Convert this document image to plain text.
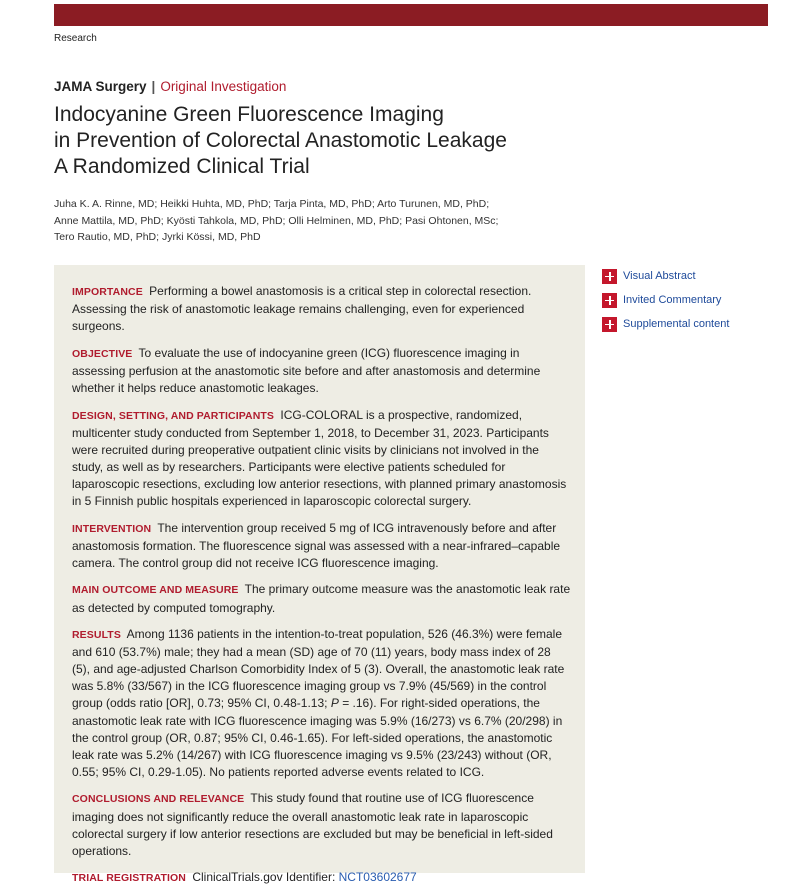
Research
JAMA Surgery | Original Investigation
Indocyanine Green Fluorescence Imaging
in Prevention of Colorectal Anastomotic Leakage
A Randomized Clinical Trial
Juha K. A. Rinne, MD; Heikki Huhta, MD, PhD; Tarja Pinta, MD, PhD; Arto Turunen, MD, PhD;
Anne Mattila, MD, PhD; Kyösti Tahkola, MD, PhD; Olli Helminen, MD, PhD; Pasi Ohtonen, MSc;
Tero Rautio, MD, PhD; Jyrki Kössi, MD, PhD

IMPORTANCE Performing a bowel anastomosis is a critical step in colorectal resection. Assessing the risk of anastomotic leakage remains challenging, even for experienced surgeons.

OBJECTIVE To evaluate the use of indocyanine green (ICG) fluorescence imaging in assessing perfusion at the anastomotic site before and after anastomosis and determine whether it helps reduce anastomotic leakages.

DESIGN, SETTING, AND PARTICIPANTS ICG-COLORAL is a prospective, randomized, multicenter study conducted from September 1, 2018, to December 31, 2023. Participants were recruited during preoperative outpatient clinic visits by clinicians not involved in the study, as well as by researchers. Participants were elective patients scheduled for laparoscopic resections, excluding low anterior resections, with planned primary anastomosis in 5 Finnish public hospitals experienced in laparoscopic colorectal surgery.

INTERVENTION The intervention group received 5 mg of ICG intravenously before and after anastomosis formation. The fluorescence signal was assessed with a near-infrared–capable camera. The control group did not receive ICG fluorescence imaging.

MAIN OUTCOME AND MEASURE The primary outcome measure was the anastomotic leak rate as detected by computed tomography.

RESULTS Among 1136 patients in the intention-to-treat population, 526 (46.3%) were female and 610 (53.7%) male; they had a mean (SD) age of 70 (11) years, body mass index of 28 (5), and age-adjusted Charlson Comorbidity Index of 5 (3). Overall, the anastomotic leak rate was 5.8% (33/567) in the ICG fluorescence imaging group vs 7.9% (45/569) in the control group (odds ratio [OR], 0.73; 95% CI, 0.48-1.13; P = .16). For right-sided operations, the anastomotic leak rate with ICG fluorescence imaging was 5.9% (16/273) vs 6.7% (20/298) in the control group (OR, 0.87; 95% CI, 0.46-1.65). For left-sided operations, the anastomotic leak rate was 5.2% (14/267) with ICG fluorescence imaging vs 9.5% (23/243) without (OR, 0.55; 95% CI, 0.29-1.05). No patients reported adverse events related to ICG.

CONCLUSIONS AND RELEVANCE This study found that routine use of ICG fluorescence imaging does not significantly reduce the overall anastomotic leak rate in laparoscopic colorectal surgery if low anterior resections are excluded but may be beneficial in left-sided operations.

TRIAL REGISTRATION ClinicalTrials.gov Identifier: NCT03602677

Visual Abstract
Invited Commentary
Supplemental content
